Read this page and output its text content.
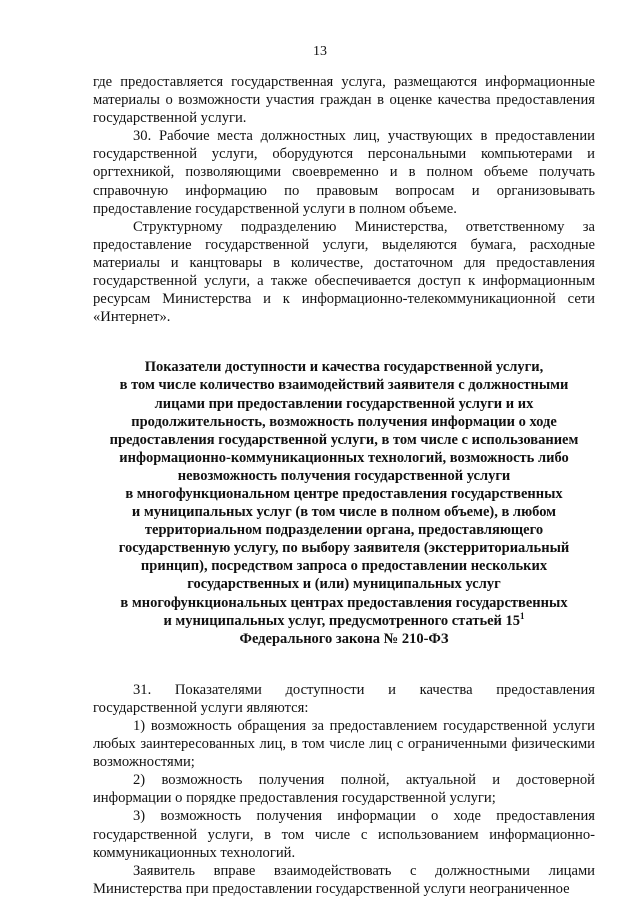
13

где предоставляется государственная услуга, размещаются информационные материалы о возможности участия граждан в оценке качества предоставления государственной услуги.

30. Рабочие места должностных лиц, участвующих в предоставлении государственной услуги, оборудуются персональными компьютерами и оргтехникой, позволяющими своевременно и в полном объеме получать справочную информацию по правовым вопросам и организовывать предоставление государственной услуги в полном объеме.

Структурному подразделению Министерства, ответственному за предоставление государственной услуги, выделяются бумага, расходные материалы и канцтовары в количестве, достаточном для предоставления государственной услуги, а также обеспечивается доступ к информационным ресурсам Министерства и к информационно-телекоммуникационной сети «Интернет».

Показатели доступности и качества государственной услуги,
в том числе количество взаимодействий заявителя с должностными
лицами при предоставлении государственной услуги и их
продолжительность, возможность получения информации о ходе
предоставления государственной услуги, в том числе с использованием
информационно-коммуникационных технологий, возможность либо
невозможность получения государственной услуги
в многофункциональном центре предоставления государственных
и муниципальных услуг (в том числе в полном объеме), в любом
территориальном подразделении органа, предоставляющего
государственную услугу, по выбору заявителя (экстерриториальный
принцип), посредством запроса о предоставлении нескольких
государственных и (или) муниципальных услуг
в многофункциональных центрах предоставления государственных
и муниципальных услуг, предусмотренного статьей $15^1$
Федерального закона № 210-ФЗ

31. Показателями доступности и качества предоставления государственной услуги являются:

1) возможность обращения за предоставлением государственной услуги любых заинтересованных лиц, в том числе лиц с ограниченными физическими возможностями;

2) возможность получения полной, актуальной и достоверной информации о порядке предоставления государственной услуги;

3) возможность получения информации о ходе предоставления государственной услуги, в том числе с использованием информационно-коммуникационных технологий.

Заявитель вправе взаимодействовать с должностными лицами Министерства при предоставлении государственной услуги неограниченное
